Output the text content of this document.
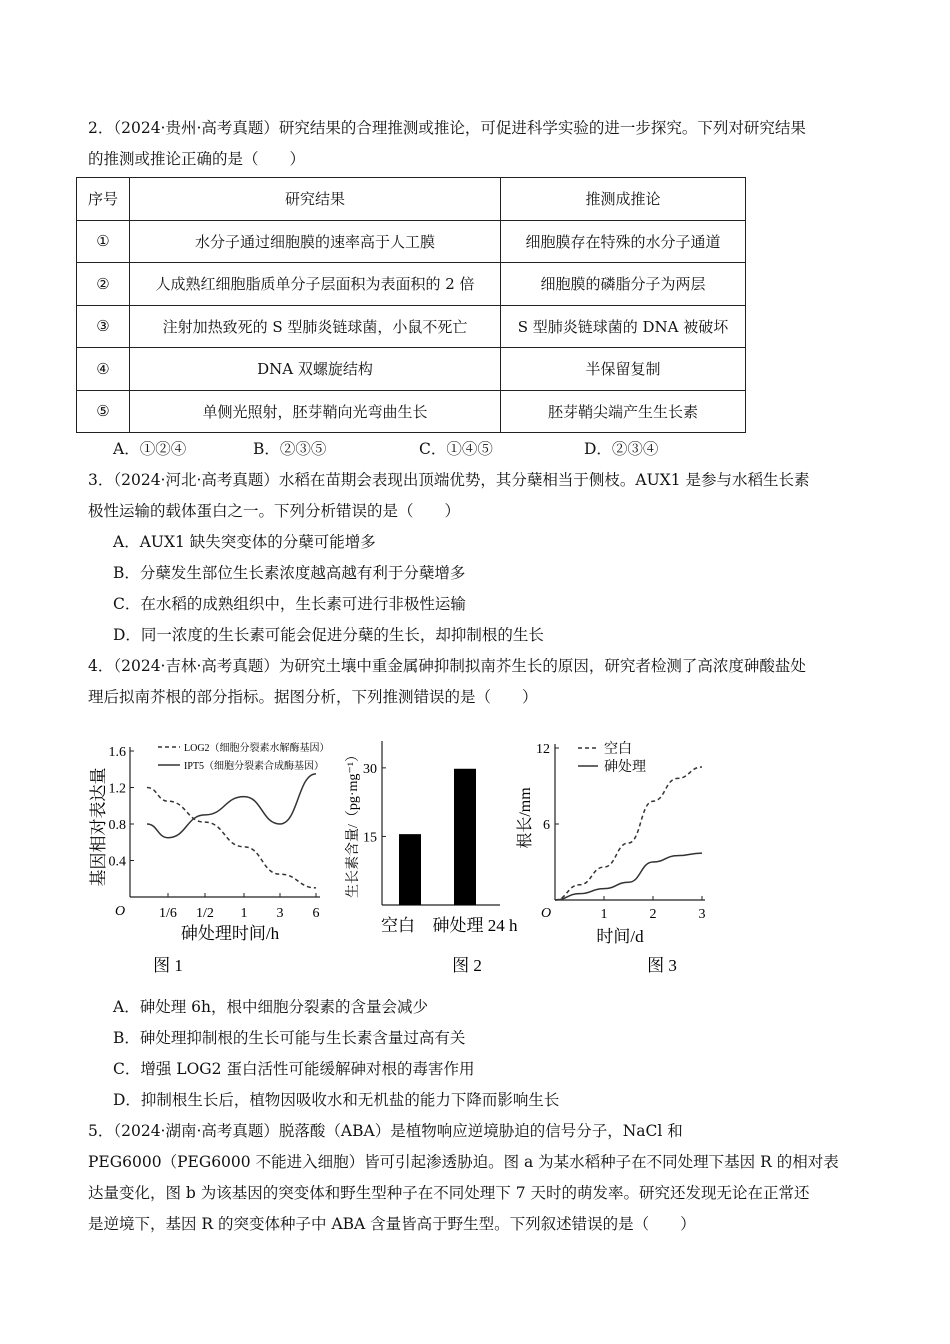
2．（2024·贵州·高考真题）研究结果的合理推测或推论，可促进科学实验的进一步探究。下列对研究结果
的推测或推论正确的是（　　）
序号	研究结果	推测成推论
①	水分子通过细胞膜的速率高于人工膜	细胞膜存在特殊的水分子通道
②	人成熟红细胞脂质单分子层面积为表面积的 2 倍	细胞膜的磷脂分子为两层
③	注射加热致死的 S 型肺炎链球菌，小鼠不死亡	S 型肺炎链球菌的 DNA 被破坏
④	DNA 双螺旋结构	半保留复制
⑤	单侧光照射，胚芽鞘向光弯曲生长	胚芽鞘尖端产生生长素
A．①②④	B．②③⑤	C．①④⑤	D．②③④
3．（2024·河北·高考真题）水稻在苗期会表现出顶端优势，其分蘖相当于侧枝。AUX1 是参与水稻生长素
极性运输的载体蛋白之一。下列分析错误的是（　　）
A．AUX1 缺失突变体的分蘖可能增多
B．分蘖发生部位生长素浓度越高越有利于分蘖增多
C．在水稻的成熟组织中，生长素可进行非极性运输
D．同一浓度的生长素可能会促进分蘖的生长，却抑制根的生长
4．（2024·吉林·高考真题）为研究土壤中重金属砷抑制拟南芥生长的原因，研究者检测了高浓度砷酸盐处
理后拟南芥根的部分指标。据图分析，下列推测错误的是（　　）
0.4
0.8
1.2
1.6
1/6 1/2 1 3 6
O
砷处理时间/h
基因相对表达量
LOG2（细胞分裂素水解酶基因）
IPT5（细胞分裂素合成酶基因）
图 1
15
30
空白 砷处理 24 h
生长素含量/（pg·mg⁻¹）
图 2
6
12
1	2	3
O
时间/d
根长/mm
空白
砷处理
图 3
A．砷处理 6h，根中细胞分裂素的含量会减少
B．砷处理抑制根的生长可能与生长素含量过高有关
C．增强 LOG2 蛋白活性可能缓解砷对根的毒害作用
D．抑制根生长后，植物因吸收水和无机盐的能力下降而影响生长
5．（2024·湖南·高考真题）脱落酸（ABA）是植物响应逆境胁迫的信号分子，NaCl 和
PEG6000（PEG6000 不能进入细胞）皆可引起渗透胁迫。图 a 为某水稻种子在不同处理下基因 R 的相对表
达量变化，图 b 为该基因的突变体和野生型种子在不同处理下 7 天时的萌发率。研究还发现无论在正常还
是逆境下，基因 R 的突变体种子中 ABA 含量皆高于野生型。下列叙述错误的是（　　）
